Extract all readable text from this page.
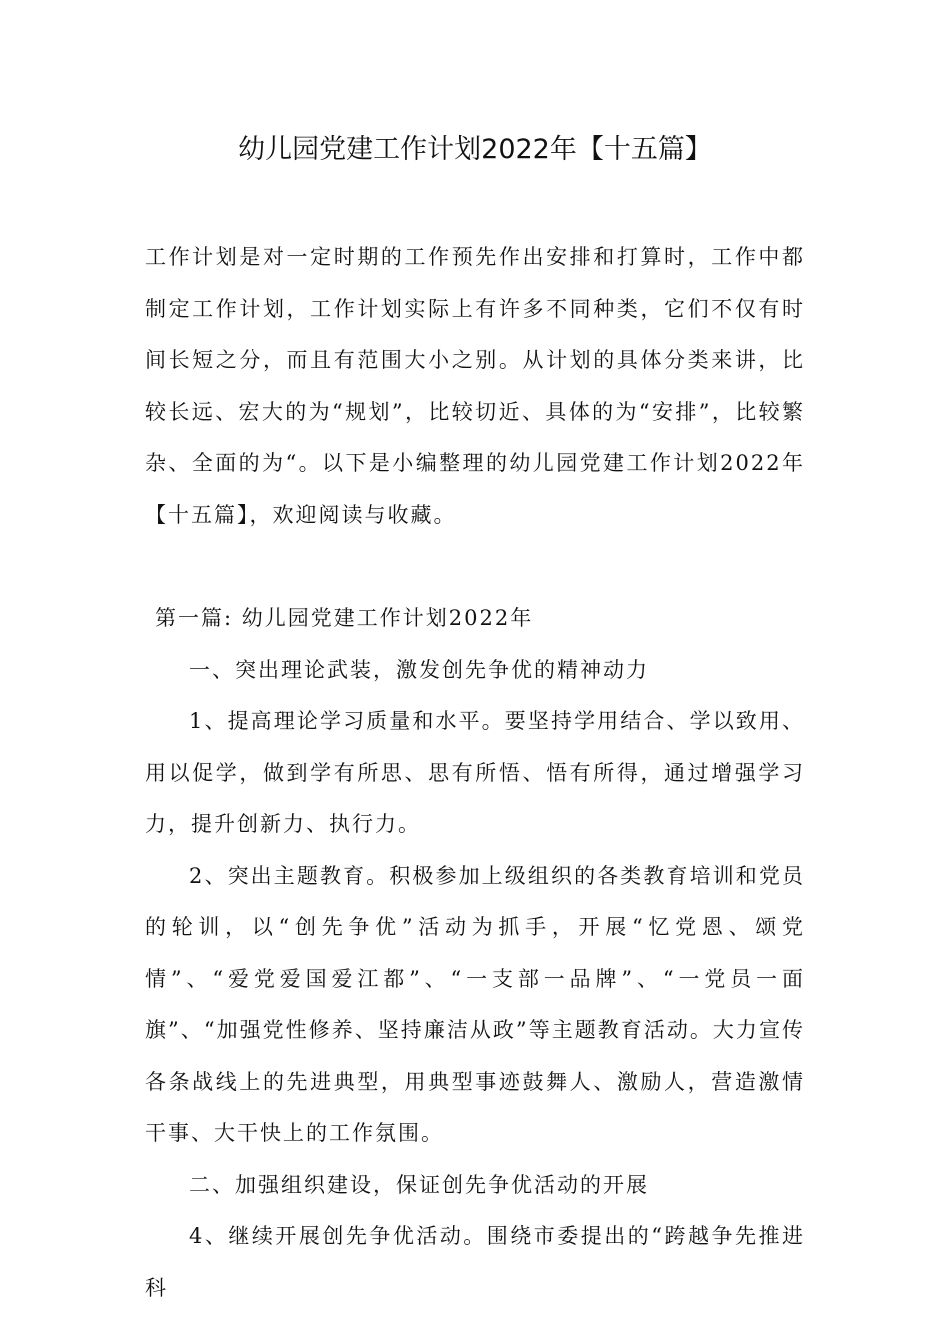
幼儿园党建工作计划2022年【十五篇】

工作计划是对一定时期的工作预先作出安排和打算时，工作中都制定工作计划，工作计划实际上有许多不同种类，它们不仅有时间长短之分，而且有范围大小之别。从计划的具体分类来讲，比较长远、宏大的为“规划”，比较切近、具体的为“安排”，比较繁杂、全面的为“。以下是小编整理的幼儿园党建工作计划2022年【十五篇】，欢迎阅读与收藏。

第一篇: 幼儿园党建工作计划2022年

一、突出理论武装，激发创先争优的精神动力

1、提高理论学习质量和水平。要坚持学用结合、学以致用、用以促学，做到学有所思、思有所悟、悟有所得，通过增强学习力，提升创新力、执行力。

2、突出主题教育。积极参加上级组织的各类教育培训和党员的轮训，以“创先争优”活动为抓手，开展“忆党恩、颂党情”、“爱党爱国爱江都”、“一支部一品牌”、“一党员一面旗”、“加强党性修养、坚持廉洁从政”等主题教育活动。大力宣传各条战线上的先进典型，用典型事迹鼓舞人、激励人，营造激情干事、大干快上的工作氛围。

二、加强组织建设，保证创先争优活动的开展

4、继续开展创先争优活动。围绕市委提出的“跨越争先推进科
